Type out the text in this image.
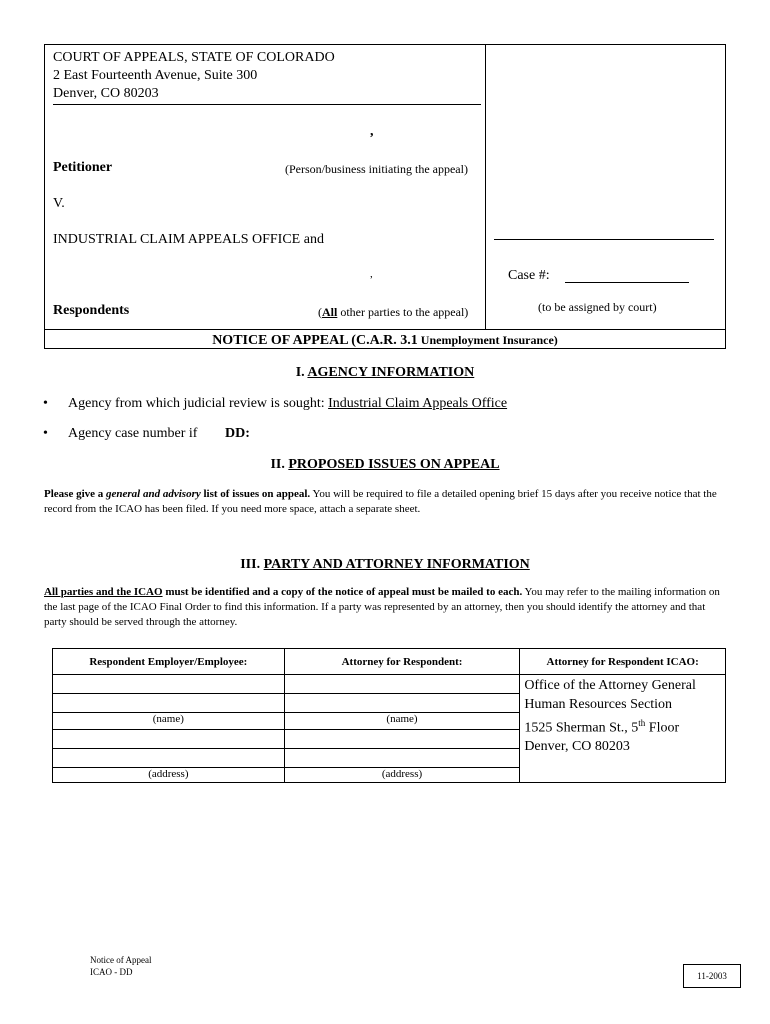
COURT OF APPEALS, STATE OF COLORADO
2 East Fourteenth Avenue, Suite 300
Denver, CO 80203
,
Petitioner	(Person/business initiating the appeal)
V.
INDUSTRIAL CLAIM APPEALS OFFICE and
,	Case #:
Respondents	(All other parties to the appeal)	(to be assigned by court)
NOTICE OF APPEAL (C.A.R. 3.1 Unemployment Insurance)
I. AGENCY INFORMATION
• Agency from which judicial review is sought: Industrial Claim Appeals Office
• Agency case number if DD:
II. PROPOSED ISSUES ON APPEAL
Please give a general and advisory list of issues on appeal. You will be required to file a detailed opening brief 15 days after you receive notice that the record from the ICAO has been filed. If you need more space, attach a separate sheet.
III. PARTY AND ATTORNEY INFORMATION
All parties and the ICAO must be identified and a copy of the notice of appeal must be mailed to each. You may refer to the mailing information on the last page of the ICAO Final Order to find this information. If a party was represented by an attorney, then you should identify the attorney and that party should be served through the attorney.
Respondent Employer/Employee:	Attorney for Respondent:	Attorney for Respondent ICAO:

		Office of the Attorney General
Human Resources Section
1525 Sherman St., 5th Floor
Denver, CO 80203

(name)	(name)	

(address)	(address)	
Notice of Appeal
ICAO - DD	11-2003
